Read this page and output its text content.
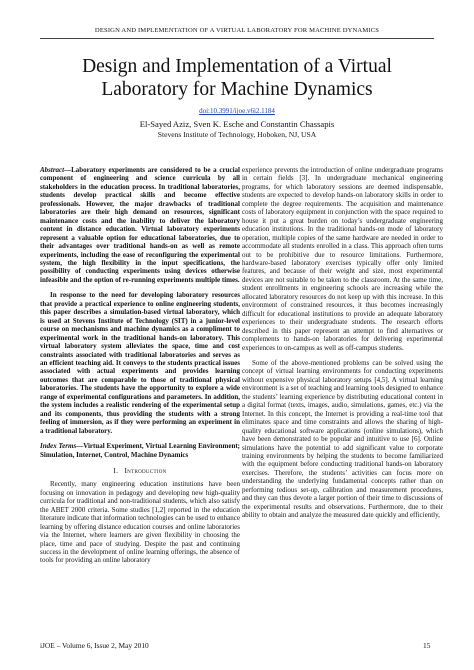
DESIGN AND IMPLEMENTATION OF A VIRTUAL LABORATORY FOR MACHINE DYNAMICS
Design and Implementation of a Virtual Laboratory for Machine Dynamics
doi:10.3991/ijoe.v6i2.1184
El-Sayed Aziz, Sven K. Esche and Constantin Chassapis
Stevens Institute of Technology, Hoboken, NJ, USA

Abstract—Laboratory experiments are considered to be a crucial component of engineering and science curricula by all stakeholders in the education process. In traditional laboratories, students develop practical skills and become effective professionals. However, the major drawbacks of traditional laboratories are their high demand on resources, significant maintenance costs and the inability to deliver the laboratory content in distance education. Virtual laboratory experiments represent a valuable option for educational laboratories, due to their advantages over traditional hands-on as well as remote experiments, including the ease of reconfiguring the experimental system, the high flexibility in the input specifications, the possibility of conducting experiments using devices otherwise infeasible and the option of re-running experiments multiple times.

In response to the need for developing laboratory resources that provide a practical experience to online engineering students, this paper describes a simulation-based virtual laboratory, which is used at Stevens Institute of Technology (SIT) in a junior-level course on mechanisms and machine dynamics as a compliment to experimental work in the traditional hands-on laboratory. This virtual laboratory system alleviates the space, time and cost constraints associated with traditional laboratories and serves as an efficient teaching aid. It conveys to the students practical issues associated with actual experiments and provides learning outcomes that are comparable to those of traditional physical laboratories. The students have the opportunity to explore a wide range of experimental configurations and parameters. In addition, the system includes a realistic rendering of the experimental setup and its components, thus providing the students with a strong feeling of immersion, as if they were performing an experiment in a traditional laboratory.

Index Terms—Virtual Experiment, Virtual Learning Environment; Simulation, Internet, Control, Machine Dynamics

I. Introduction

Recently, many engineering education institutions have been focusing on innovation in pedagogy and developing new high-quality curricula for traditional and non-traditional students, which also satisfy the ABET 2000 criteria. Some studies [1,2] reported in the education literature indicate that information technologies can be used to enhance learning by offering distance education courses and online laboratories via the Internet, where learners are given flexibility in choosing the place, time and pace of studying. Despite the past and continuing success in the development of online learning offerings, the absence of tools for providing an online laboratory

experience prevents the introduction of online undergraduate programs in certain fields [3]. In undergraduate mechanical engineering programs, for which laboratory sessions are deemed indispensable, students are expected to develop hands-on laboratory skills in order to complete the degree requirements. The acquisition and maintenance costs of laboratory equipment in conjunction with the space required to house it put a great burden on today’s undergraduate engineering education institutions. In the traditional hands-on mode of laboratory operation, multiple copies of the same hardware are needed in order to accommodate all students enrolled in a class. This approach often turns out to be prohibitive due to resource limitations. Furthermore, hardware-based laboratory exercises typically offer only limited features, and because of their weight and size, most experimental devices are not suitable to be taken to the classroom. At the same time, student enrollments in engineering schools are increasing while the allocated laboratory resources do not keep up with this increase. In this environment of constrained resources, it thus becomes increasingly difficult for educational institutions to provide an adequate laboratory experiences to their undergraduate students. The research efforts described in this paper represent an attempt to find alternatives or complements to hands-on laboratories for delivering experimental experiences to on-campus as well as off-campus students.

Some of the above-mentioned problems can be solved using the concept of virtual learning environments for conducting experiments without expensive physical laboratory setups [4,5]. A virtual learning environment is a set of teaching and learning tools designed to enhance the students’ learning experience by distributing educational content in a digital format (texts, images, audio, simulations, games, etc.) via the Internet. In this concept, the Internet is providing a real-time tool that eliminates space and time constraints and allows the sharing of high-quality educational software applications (online simulations), which have been demonstrated to be popular and intuitive to use [6]. Online simulations have the potential to add significant value to corporate training environments by helping the students to become familiarized with the equipment before conducting traditional hands-on laboratory exercises. Therefore, the students’ activities can focus more on understanding the underlying fundamental concepts rather than on performing tedious set-up, calibration and measurement procedures, and they can thus devote a larger portion of their time to discussions of the experimental results and observations. Furthermore, due to their ability to obtain and analyze the measured date quickly and efficiently,

iJOE – Volume 6, Issue 2, May 2010	15
